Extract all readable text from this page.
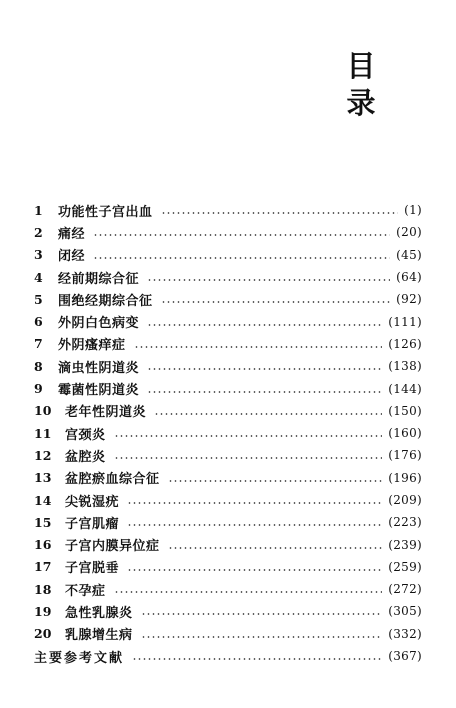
目
录
1	功能性子宫出血	(1)
2	痛经	(20)
3	闭经	(45)
4	经前期综合征	(64)
5	围绝经期综合征	(92)
6	外阴白色病变	(111)
7	外阴瘙痒症	(126)
8	滴虫性阴道炎	(138)
9	霉菌性阴道炎	(144)
10	老年性阴道炎	(150)
11	宫颈炎	(160)
12	盆腔炎	(176)
13	盆腔瘀血综合征	(196)
14	尖锐湿疣	(209)
15	子宫肌瘤	(223)
16	子宫内膜异位症	(239)
17	子宫脱垂	(259)
18	不孕症	(272)
19	急性乳腺炎	(305)
20	乳腺增生病	(332)
主要参考文献	(367)
